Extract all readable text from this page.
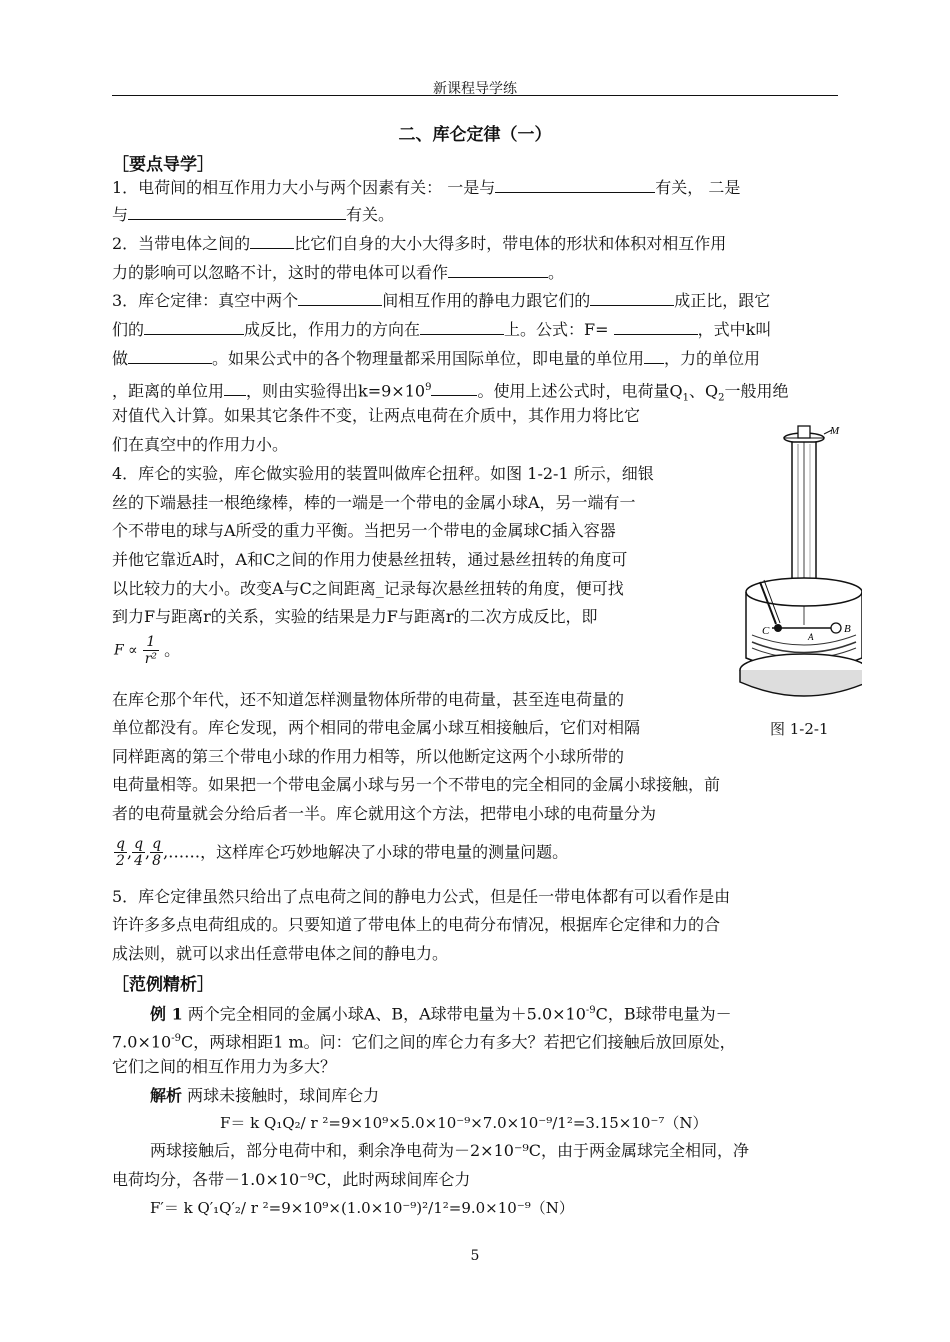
新课程导学练
二、库仑定律（一）
［要点导学］
1．电荷间的相互作用力大小与两个因素有关： 一是与	有关， 二是
与	有关。
2．当带电体之间的	比它们自身的大小大得多时，带电体的形状和体积对相互作用
力的影响可以忽略不计，这时的带电体可以看作	。
3．库仑定律：真空中两个	间相互作用的静电力跟它们的	成正比，跟它
们的	成反比，作用力的方向在	上。公式：F=	，式中k叫
做	。如果公式中的各个物理量都采用国际单位，即电量的单位用 ，力的单位用
，距离的单位用 ，则由实验得出$k=9\times 10^9$	。使用上述公式时，电荷量$Q_1$、$Q_2$一般用绝
对值代入计算。如果其它条件不变，让两点电荷在介质中，其作用力将比它
们在真空中的作用力小。
4．库仑的实验，库仑做实验用的装置叫做库仑扭秤。如图 1-2-1 所示，细银
丝的下端悬挂一根绝缘棒，棒的一端是一个带电的金属小球A，另一端有一
个不带电的球与A所受的重力平衡。当把另一个带电的金属球C插入容器
并他它靠近A时，A和C之间的作用力使悬丝扭转，通过悬丝扭转的角度可
以比较力的大小。改变A与C之间距离_记录每次悬丝扭转的角度，便可找
到力F与距离r的关系，实验的结果是力F与距离r的二次方成反比，即
$F \propto \frac{1}{\text{r²}}$ 。
在库仑那个年代，还不知道怎样测量物体所带的电荷量，甚至连电荷量的
单位都没有。库仑发现，两个相同的带电金属小球互相接触后，它们对相隔
同样距离的第三个带电小球的作用力相等，所以他断定这两个小球所带的
电荷量相等。如果把一个带电金属小球与另一个不带电的完全相同的金属小球接触，前
者的电荷量就会分给后者一半。库仑就用这个方法，把带电小球的电荷量分为
$\frac{q}{2}$ , $\frac{q}{4}$ , $\frac{q}{8}$ ,……，这样库仑巧妙地解决了小球的带电量的测量问题。
5．库仑定律虽然只给出了点电荷之间的静电力公式，但是任一带电体都有可以看作是由
许许多多点电荷组成的。只要知道了带电体上的电荷分布情况，根据库仑定律和力的合
成法则，就可以求出任意带电体之间的静电力。
［范例精析］
例 1 两个完全相同的金属小球A、B，A球带电量为$+5.0\times 10^{-9}C$，B球带电量为－
$7.0\times 10^{-9}C$，两球相距1 m。问：它们之间的库仑力有多大？若把它们接触后放回原处，
它们之间的相互作用力为多大？
解析 两球未接触时，球间库仑力
F＝ k Q₁Q₂/ r ²=9×10⁹×5.0×10⁻⁹×7.0×10⁻⁹/1²=3.15×10⁻⁷（N）
两球接触后，部分电荷中和，剩余净电荷为－2×10⁻⁹C，由于两金属球完全相同，净
电荷均分，各带－1.0×10⁻⁹C，此时两球间库仑力
F′＝ k Q′₁Q′₂/ r ²=9×10⁹×(1.0×10⁻⁹)²/1²=9.0×10⁻⁹（N）
M
B
A
C
图 1-2-1
5
